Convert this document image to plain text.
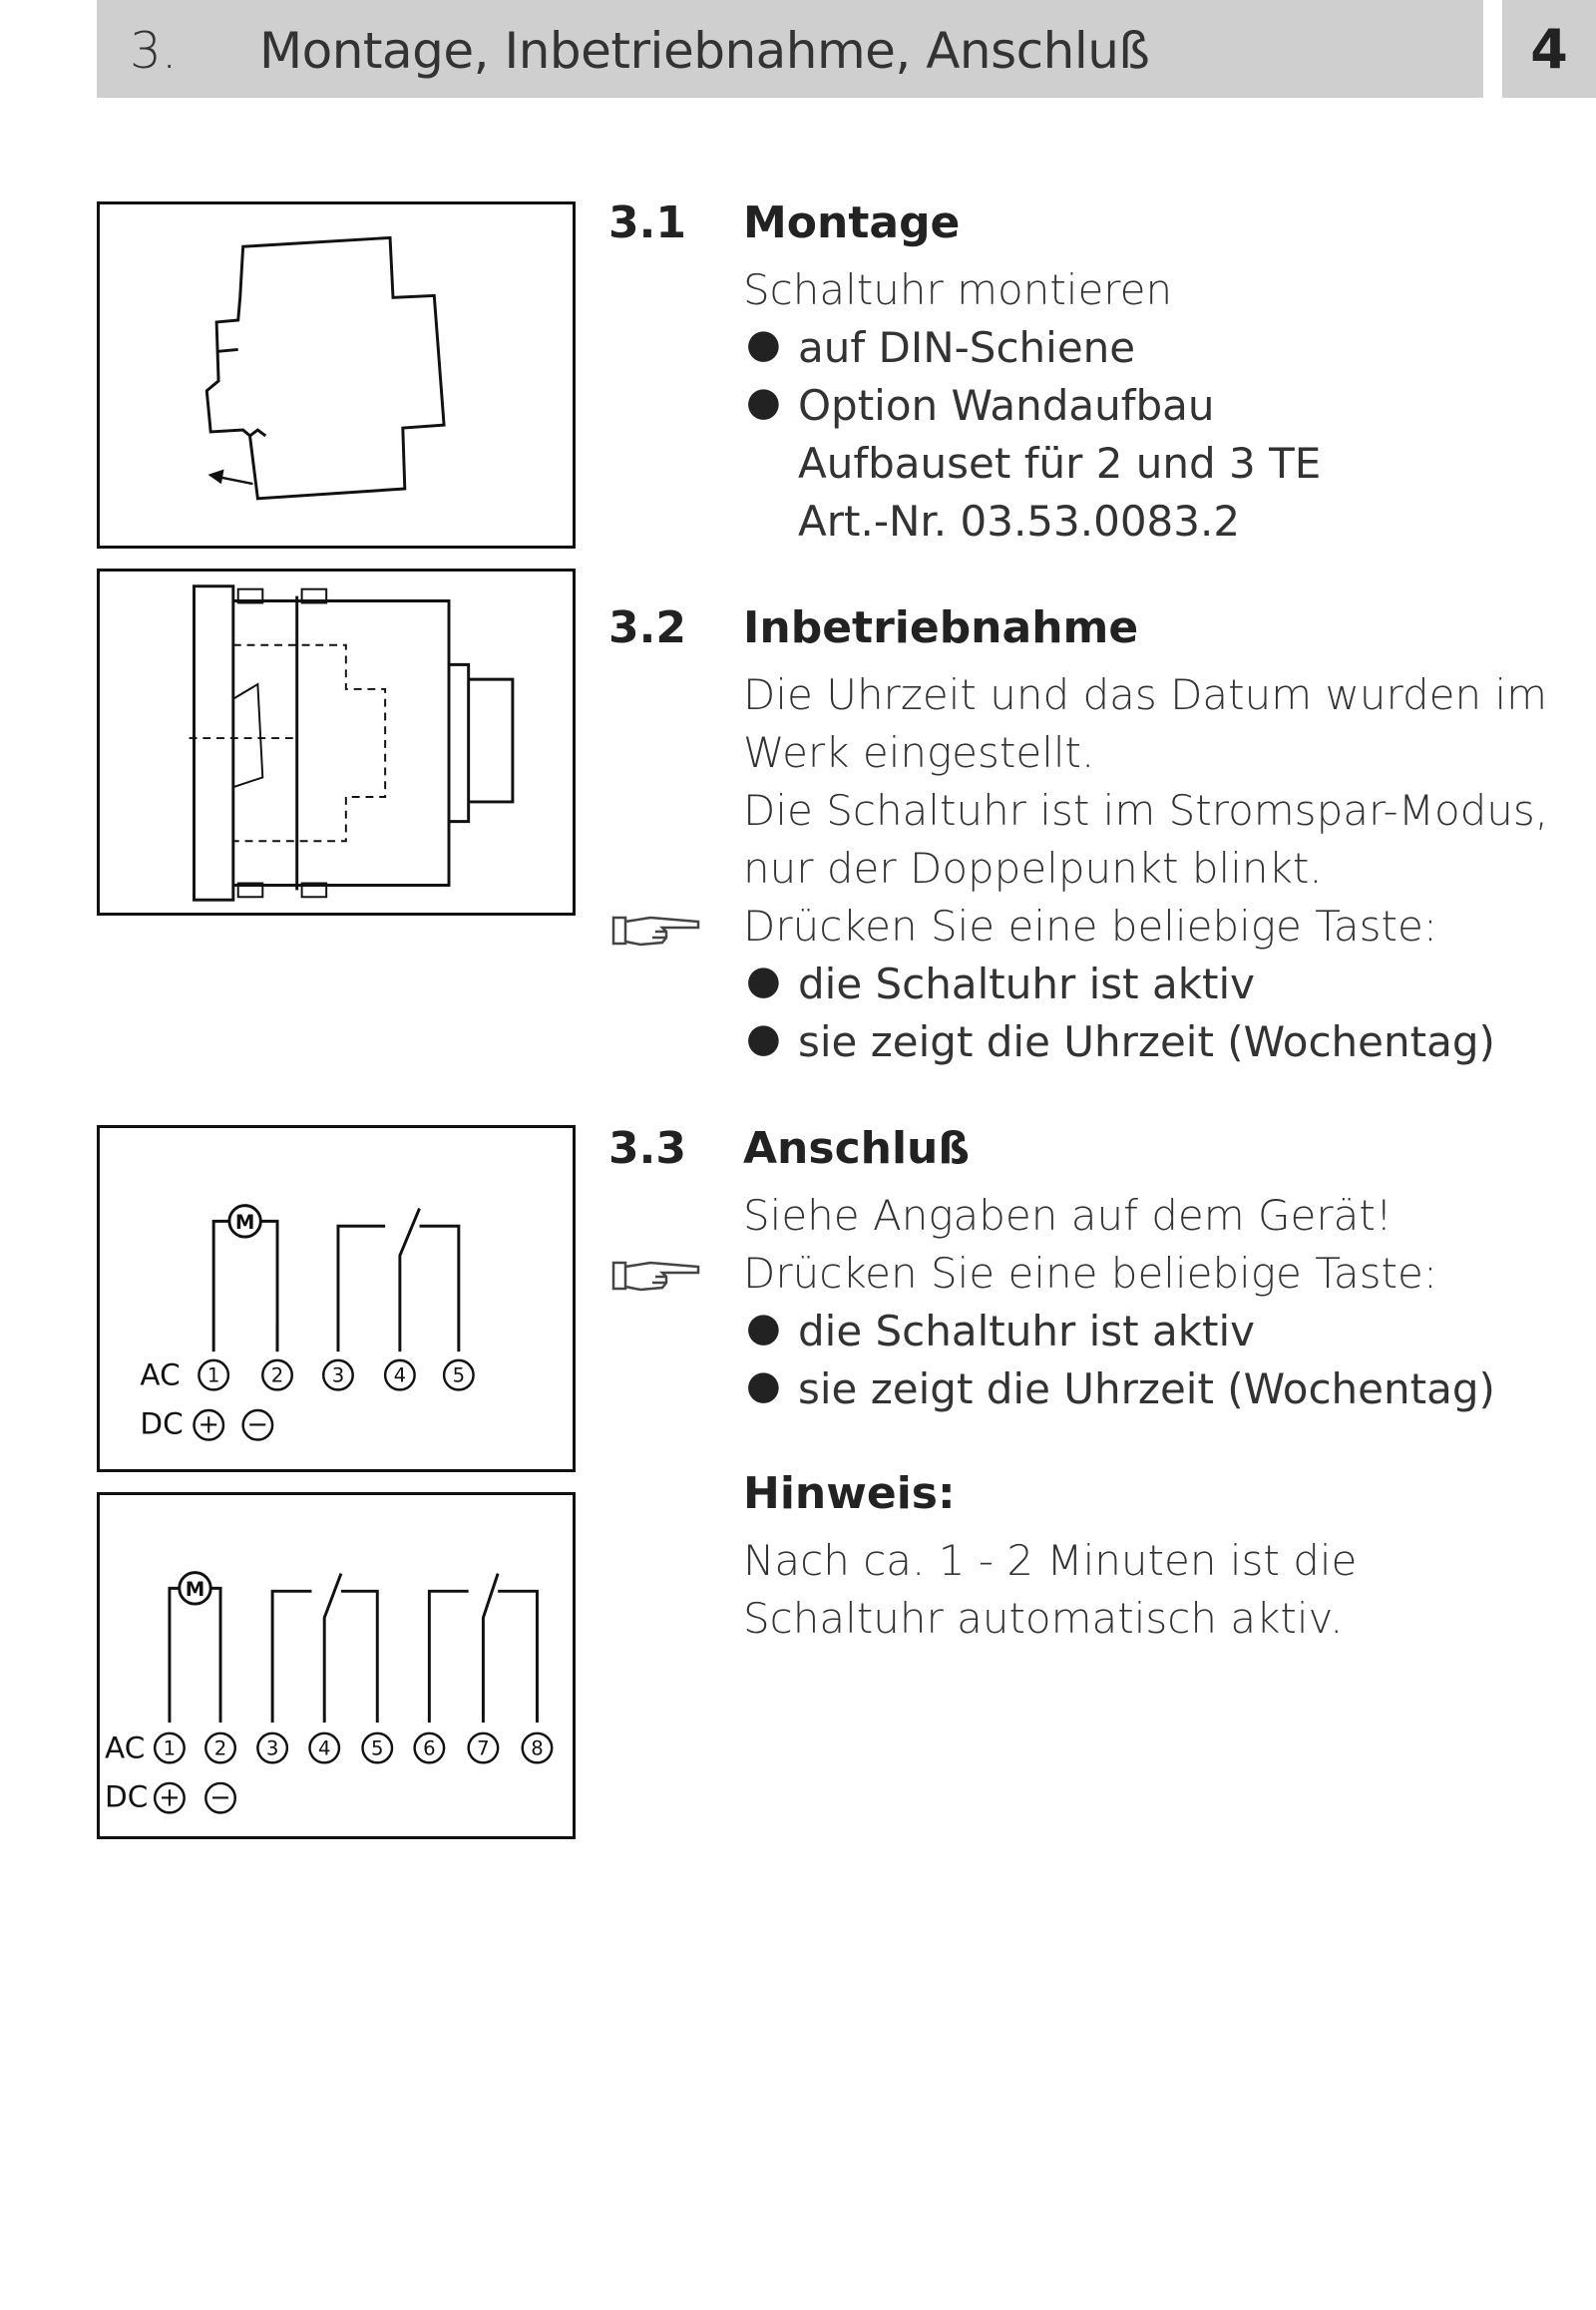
3. Montage, Inbetriebnahme, Anschluß	4
M
AC
DC
1	2 3 4 5
+ −
M
AC
DC
1 2 3 4 5 6 7 8
+ −
3.1 Montage
Schaltuhr montieren
● auf DIN-Schiene
● Option Wandaufbau
Aufbauset für 2 und 3 TE
Art.-Nr. 03.53.0083.2
3.2 Inbetriebnahme
Die Uhrzeit und das Datum wurden im
Werk eingestellt.
Die Schaltuhr ist im Stromspar-Modus,
nur der Doppelpunkt blinkt.
Drücken Sie eine beliebige Taste:
● die Schaltuhr ist aktiv
● sie zeigt die Uhrzeit (Wochentag)
3.3 Anschluß
Siehe Angaben auf dem Gerät!
Drücken Sie eine beliebige Taste:
● die Schaltuhr ist aktiv
● sie zeigt die Uhrzeit (Wochentag)
Hinweis:
Nach ca. 1 - 2 Minuten ist die
Schaltuhr automatisch aktiv.
